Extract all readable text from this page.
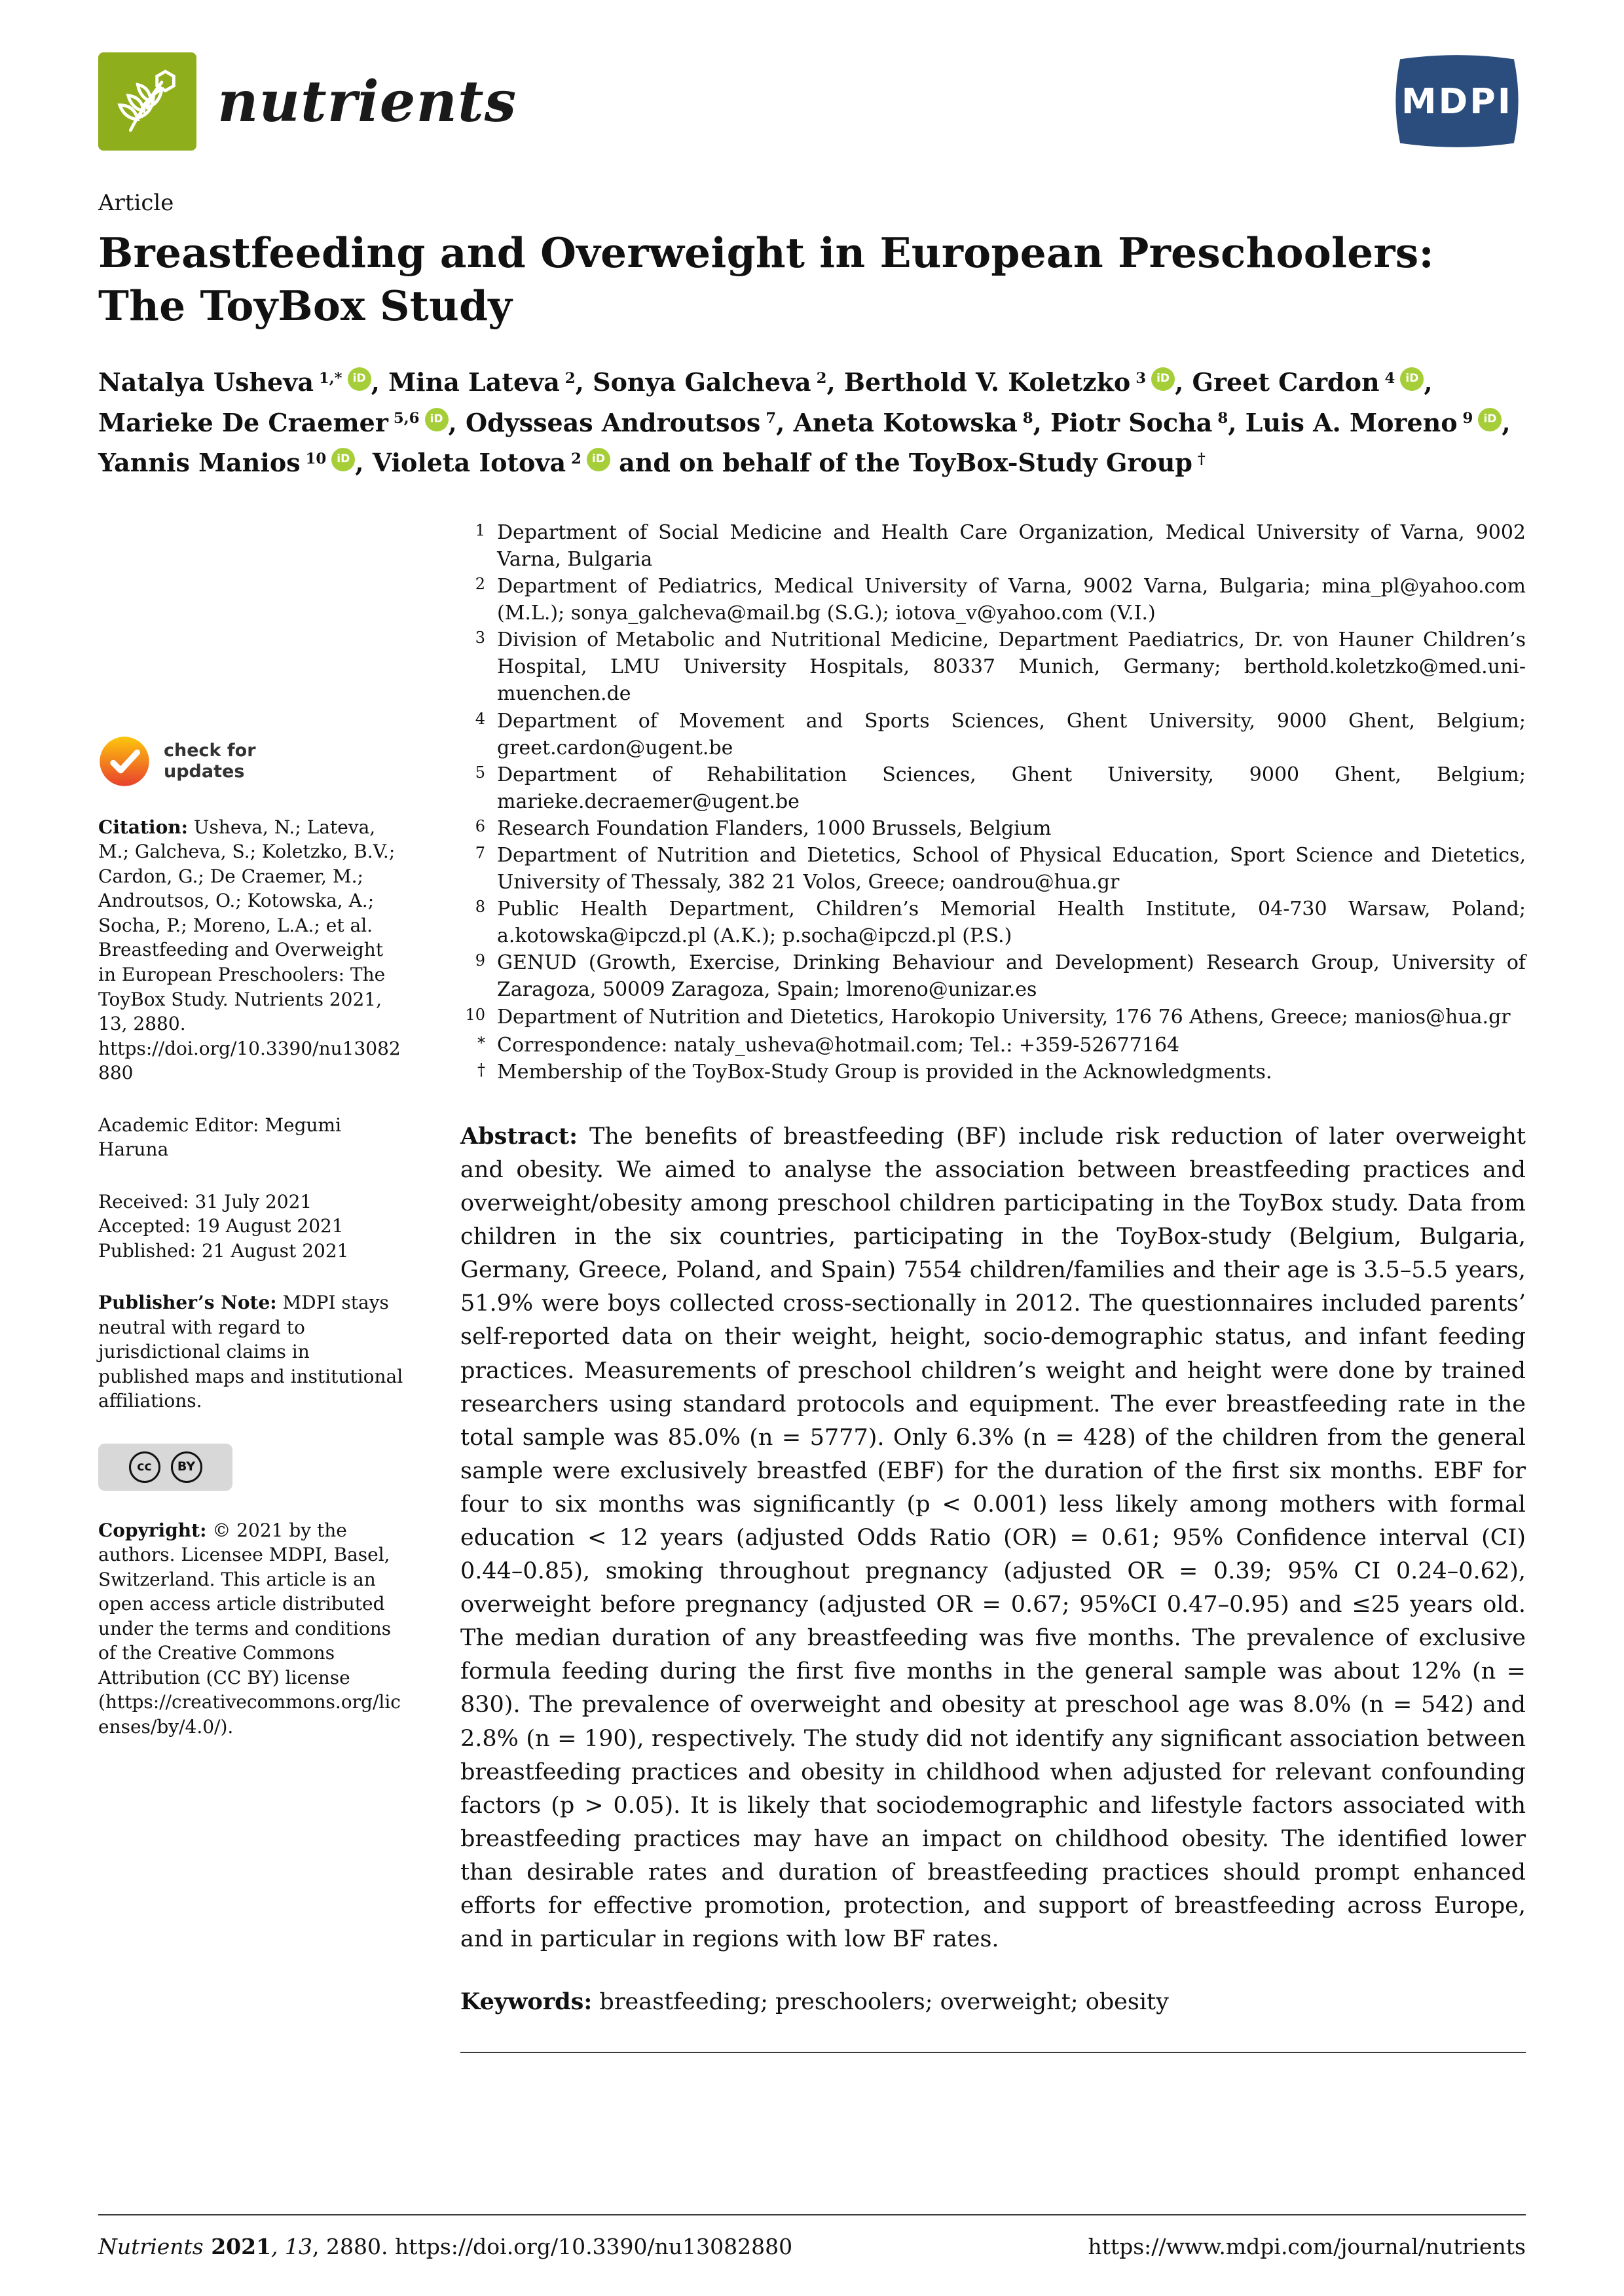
nutrients	MDPI
Article
Breastfeeding and Overweight in European Preschoolers:
The ToyBox Study
Natalya Usheva $^{1,*}$ iD , Mina Lateva $^2$, Sonya Galcheva $^2$, Berthold V. Koletzko $^3$ iD , Greet Cardon $^4$ iD , Marieke De Craemer $^{5,6}$ iD , Odysseas Androutsos $^7$, Aneta Kotowska $^8$, Piotr Socha $^8$, Luis A. Moreno $^9$ iD , Yannis Manios $^{10}$ iD , Violeta Iotova $^2$ iD and on behalf of the ToyBox-Study Group †
check for
updates

Citation: Usheva, N.; Lateva, M.; Galcheva, S.; Koletzko, B.V.; Cardon, G.; De Craemer, M.; Androutsos, O.; Kotowska, A.; Socha, P.; Moreno, L.A.; et al. Breastfeeding and Overweight in European Preschoolers: The ToyBox Study. Nutrients 2021, 13, 2880. https://doi.org/10.3390/nu13082880

Academic Editor: Megumi Haruna

Received: 31 July 2021

Accepted: 19 August 2021

Published: 21 August 2021

Publisher’s Note: MDPI stays neutral with regard to jurisdictional claims in published maps and institutional affiliations.

cc	BY

Copyright: © 2021 by the authors. Licensee MDPI, Basel, Switzerland. This article is an open access article distributed under the terms and conditions of the Creative Commons Attribution (CC BY) license (https://creativecommons.org/licenses/by/4.0/).

1 Department of Social Medicine and Health Care Organization, Medical University of Varna, 9002 Varna, Bulgaria
2 Department of Pediatrics, Medical University of Varna, 9002 Varna, Bulgaria; mina_pl@yahoo.com (M.L.); sonya_galcheva@mail.bg (S.G.); iotova_v@yahoo.com (V.I.)
3 Division of Metabolic and Nutritional Medicine, Department Paediatrics, Dr. von Hauner Children’s Hospital, LMU University Hospitals, 80337 Munich, Germany; berthold.koletzko@med.uni-muenchen.de
4 Department of Movement and Sports Sciences, Ghent University, 9000 Ghent, Belgium; greet.cardon@ugent.be
5 Department of Rehabilitation Sciences, Ghent University, 9000 Ghent, Belgium; marieke.decraemer@ugent.be
6 Research Foundation Flanders, 1000 Brussels, Belgium
7 Department of Nutrition and Dietetics, School of Physical Education, Sport Science and Dietetics, University of Thessaly, 382 21 Volos, Greece; oandrou@hua.gr
8 Public Health Department, Children’s Memorial Health Institute, 04-730 Warsaw, Poland; a.kotowska@ipczd.pl (A.K.); p.socha@ipczd.pl (P.S.)
9 GENUD (Growth, Exercise, Drinking Behaviour and Development) Research Group, University of Zaragoza, 50009 Zaragoza, Spain; lmoreno@unizar.es
10 Department of Nutrition and Dietetics, Harokopio University, 176 76 Athens, Greece; manios@hua.gr
* Correspondence: nataly_usheva@hotmail.com; Tel.: +359-52677164
† Membership of the ToyBox-Study Group is provided in the Acknowledgments.

Abstract: The benefits of breastfeeding (BF) include risk reduction of later overweight and obesity. We aimed to analyse the association between breastfeeding practices and overweight/obesity among preschool children participating in the ToyBox study. Data from children in the six countries, participating in the ToyBox-study (Belgium, Bulgaria, Germany, Greece, Poland, and Spain) 7554 children/families and their age is 3.5–5.5 years, 51.9% were boys collected cross-sectionally in 2012. The questionnaires included parents’ self-reported data on their weight, height, socio-demographic status, and infant feeding practices. Measurements of preschool children’s weight and height were done by trained researchers using standard protocols and equipment. The ever breastfeeding rate in the total sample was 85.0% (n = 5777). Only 6.3% (n = 428) of the children from the general sample were exclusively breastfed (EBF) for the duration of the first six months. EBF for four to six months was significantly (p < 0.001) less likely among mothers with formal education < 12 years (adjusted Odds Ratio (OR) = 0.61; 95% Confidence interval (CI) 0.44–0.85), smoking throughout pregnancy (adjusted OR = 0.39; 95% CI 0.24–0.62), overweight before pregnancy (adjusted OR = 0.67; 95%CI 0.47–0.95) and ≤25 years old. The median duration of any breastfeeding was five months. The prevalence of exclusive formula feeding during the first five months in the general sample was about 12% (n = 830). The prevalence of overweight and obesity at preschool age was 8.0% (n = 542) and 2.8% (n = 190), respectively. The study did not identify any significant association between breastfeeding practices and obesity in childhood when adjusted for relevant confounding factors (p > 0.05). It is likely that sociodemographic and lifestyle factors associated with breastfeeding practices may have an impact on childhood obesity. The identified lower than desirable rates and duration of breastfeeding practices should prompt enhanced efforts for effective promotion, protection, and support of breastfeeding across Europe, and in particular in regions with low BF rates.

Keywords: breastfeeding; preschoolers; overweight; obesity

Nutrients 2021, 13, 2880. https://doi.org/10.3390/nu13082880	https://www.mdpi.com/journal/nutrients
